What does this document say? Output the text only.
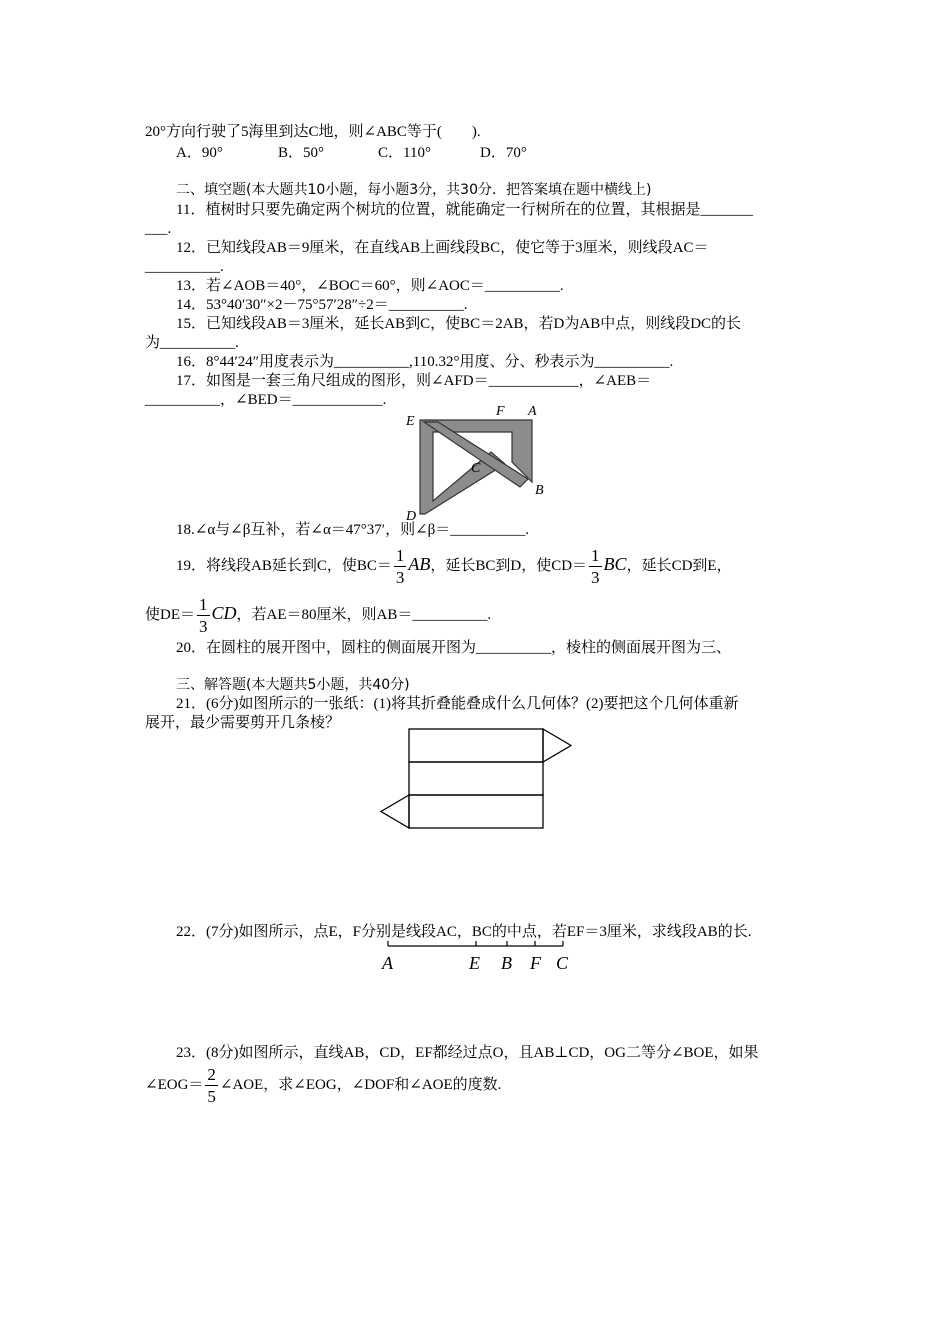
20°方向行驶了5海里到达C地，则∠ABC等于(　　).
A．90°	B．50°	C．110°	D．70°
二、填空题(本大题共10小题，每小题3分，共30分．把答案填在题中横线上)
11．植树时只要先确定两个树坑的位置，就能确定一行树所在的位置，其根据是_______
___.
12．已知线段AB＝9厘米，在直线AB上画线段BC，使它等于3厘米，则线段AC＝
__________.
13．若∠AOB＝40°，∠BOC＝60°，则∠AOC＝__________.
14．53°40′30″×2－75°57′28″÷2＝__________.
15．已知线段AB＝3厘米，延长AB到C，使BC＝2AB，若D为AB中点，则线段DC的长
为__________.
16．8°44′24″用度表示为__________,110.32°用度、分、秒表示为__________.
17．如图是一套三角尺组成的图形，则∠AFD＝____________，∠AEB＝
__________，∠BED＝____________.
E
F A
C
B
D
18.∠α与∠β互补，若∠α＝47°37′，则∠β＝__________.
19．将线段AB延长到C，使$BC= \frac{1}{3}$ AB，延长BC到D，使$CD= \frac{1}{3}$ BC，延长CD到E，
使$DE= \frac{1}{3}$ CD，若AE＝80厘米，则AB＝__________.
20．在圆柱的展开图中，圆柱的侧面展开图为__________，棱柱的侧面展开图为三、
三、解答题(本大题共5小题，共40分)
21．(6分)如图所示的一张纸：(1)将其折叠能叠成什么几何体？(2)要把这个几何体重新
展开，最少需要剪开几条棱？
22．(7分)如图所示，点E，F分别是线段AC，BC的中点，若EF＝3厘米，求线段AB的长.
A	E B F C
23．(8分)如图所示，直线AB，CD，EF都经过点O，且AB⊥CD，OG二等分∠BOE，如果
∠EOG＝ $\frac{2}{5}$ ∠AOE，求∠EOG，∠DOF和∠AOE的度数.
